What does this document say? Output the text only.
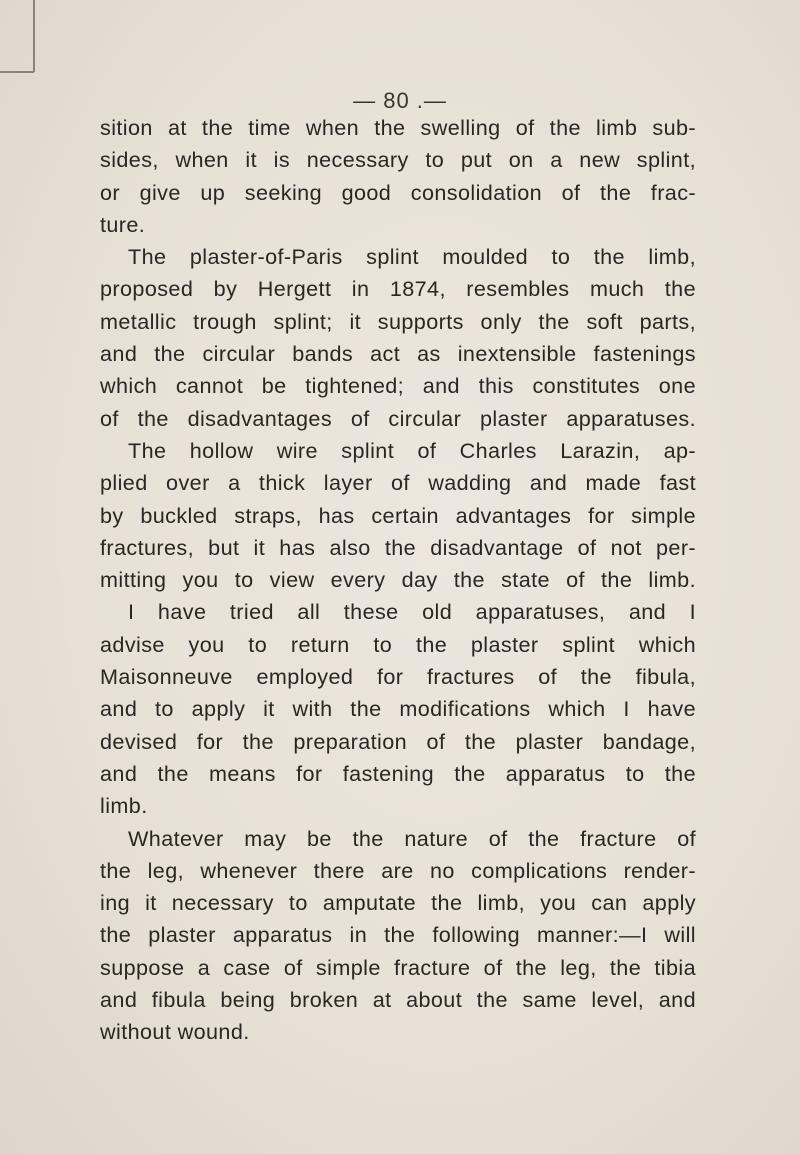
— 80 .—
sition at the time when the swelling of the limb sub-
sides, when it is necessary to put on a new splint,
or give up seeking good consolidation of the frac-
ture.
The plaster-of-Paris splint moulded to the limb,
proposed by Hergett in 1874, resembles much the
metallic trough splint; it supports only the soft parts,
and the circular bands act as inextensible fastenings
which cannot be tightened; and this constitutes one
of the disadvantages of circular plaster apparatuses.
The hollow wire splint of Charles Larazin, ap-
plied over a thick layer of wadding and made fast
by buckled straps, has certain advantages for simple
fractures, but it has also the disadvantage of not per-
mitting you to view every day the state of the limb.
I have tried all these old apparatuses, and I
advise you to return to the plaster splint which
Maisonneuve employed for fractures of the fibula,
and to apply it with the modifications which I have
devised for the preparation of the plaster bandage,
and the means for fastening the apparatus to the
limb.
Whatever may be the nature of the fracture of
the leg, whenever there are no complications render-
ing it necessary to amputate the limb, you can apply
the plaster apparatus in the following manner:—I will
suppose a case of simple fracture of the leg, the tibia
and fibula being broken at about the same level, and
without wound.
